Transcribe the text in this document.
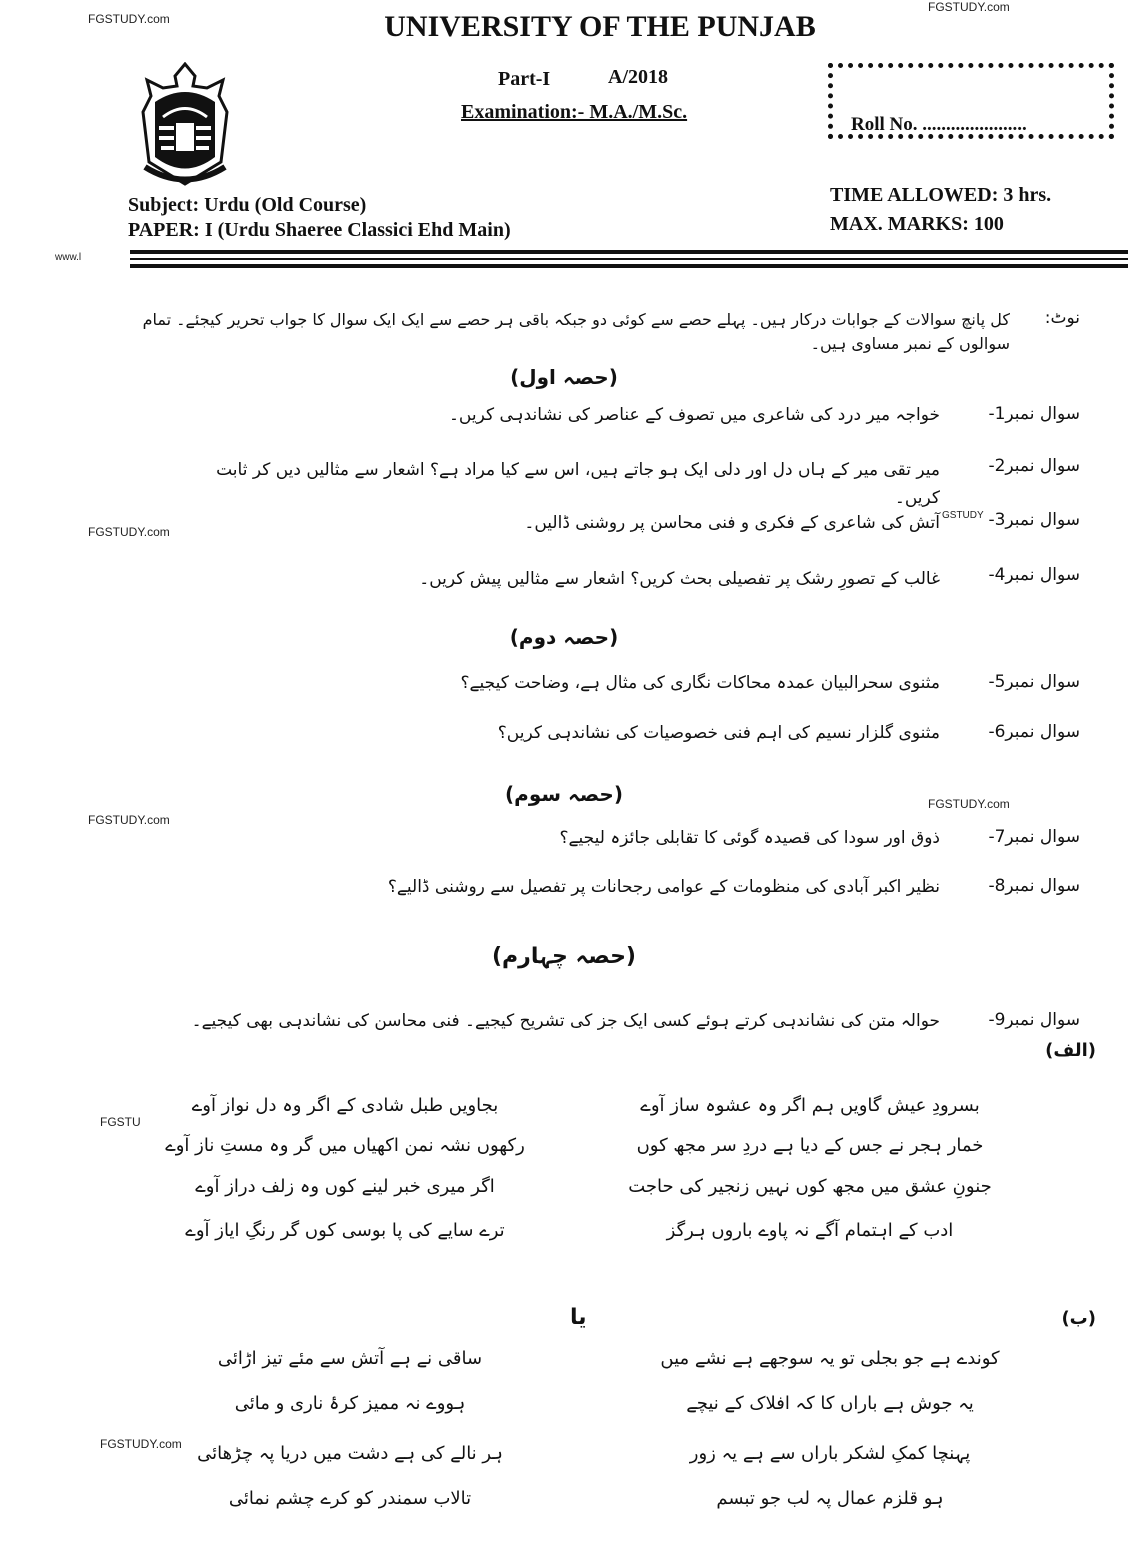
FGSTUDY.com
FGSTUDY.com
FGSTUDY.com
GSTUDY
FGSTUDY.com
FGSTUDY.com
FGSTU
FGSTUDY.com
www.l
UNIVERSITY OF THE PUNJAB
Part-I	A/2018
Examination:- M.A./M.Sc.
Roll No. ......................
Subject: Urdu (Old Course)
PAPER: I (Urdu Shaeree Classici Ehd Main)
TIME ALLOWED: 3 hrs.
MAX. MARKS: 100
نوٹ:
کل پانچ سوالات کے جوابات درکار ہیں۔ پہلے حصے سے کوئی دو جبکہ باقی ہر حصے سے ایک ایک سوال کا جواب تحریر کیجئے۔ تمام سوالوں کے نمبر مساوی ہیں۔
(حصہ اول)
سوال نمبر1-
خواجہ میر درد کی شاعری میں تصوف کے عناصر کی نشاندہی کریں۔
سوال نمبر2-
میر تقی میر کے ہاں دل اور دلی ایک ہو جاتے ہیں، اس سے کیا مراد ہے؟ اشعار سے مثالیں دیں کر ثابت کریں۔
سوال نمبر3-
آتش کی شاعری کے فکری و فنی محاسن پر روشنی ڈالیں۔
سوال نمبر4-
غالب کے تصورِ رشک پر تفصیلی بحث کریں؟ اشعار سے مثالیں پیش کریں۔
(حصہ دوم)
سوال نمبر5-
مثنوی سحرالبیان عمدہ محاکات نگاری کی مثال ہے، وضاحت کیجیے؟
سوال نمبر6-
مثنوی گلزار نسیم کی اہم فنی خصوصیات کی نشاندہی کریں؟
(حصہ سوم)
سوال نمبر7-
ذوق اور سودا کی قصیدہ گوئی کا تقابلی جائزہ لیجیے؟
سوال نمبر8-
نظیر اکبر آبادی کی منظومات کے عوامی رجحانات پر تفصیل سے روشنی ڈالیے؟
(حصہ چہارم)
سوال نمبر9-
حوالہ متن کی نشاندہی کرتے ہوئے کسی ایک جز کی تشریح کیجیے۔ فنی محاسن کی نشاندہی بھی کیجیے۔
(الف)
بسرودِ عیش گاویں ہم اگر وہ عشوہ ساز آوے
خمار ہجر نے جس کے دیا ہے دردِ سر مجھ کوں
جنونِ عشق میں مجھ کوں نہیں زنجیر کی حاجت
ادب کے اہتمام آگے نہ پاوے باروں ہرگز
بجاویں طبل شادی کے اگر وہ دل نواز آوے
رکھوں نشہ نمن اکھیاں میں گر وہ مستِ ناز آوے
اگر میری خبر لینے کوں وہ زلف دراز آوے
ترے سایے کی پا بوسی کوں گر رنگِ ایاز آوے
یا	(ب)
کوندے ہے جو بجلی تو یہ سوجھے ہے نشے میں
یہ جوش ہے باراں کا کہ افلاک کے نیچے
پہنچا کمکِ لشکر باراں سے ہے یہ زور
ہو قلزم عمال پہ لب جو تبسم
ساقی نے ہے آتش سے مئے تیز اڑائی
ہووے نہ ممیز کرۂ ناری و مائی
ہر نالے کی ہے دشت میں دریا پہ چڑھائی
تالاب سمندر کو کرے چشم نمائی
